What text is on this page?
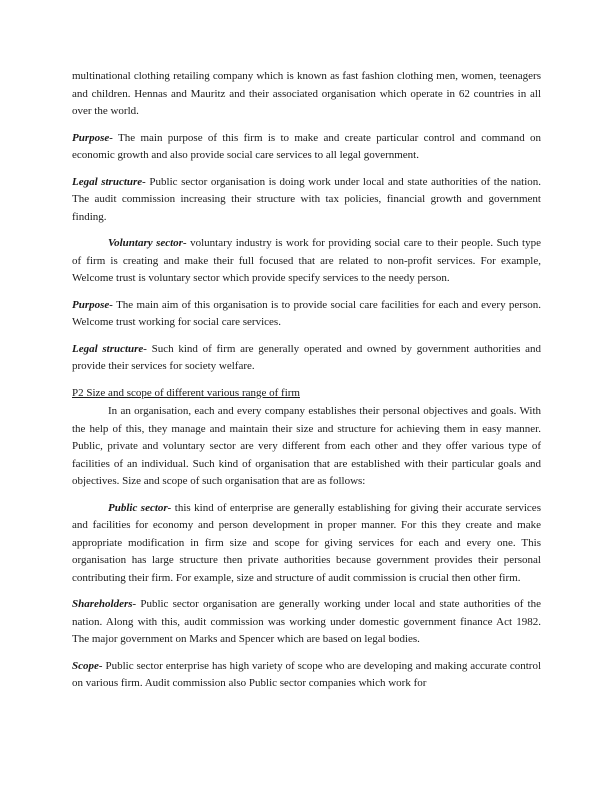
multinational clothing retailing company which is known as fast fashion clothing men, women, teenagers and children. Hennas and Mauritz and their associated organisation which operate in 62 countries in all over the world.

Purpose- The main purpose of this firm is to make and create particular control and command on economic growth and also provide social care services to all legal government.

Legal structure- Public sector organisation is doing work under local and state authorities of the nation. The audit commission increasing their structure with tax policies, financial growth and government finding.

Voluntary sector- voluntary industry is work for providing social care to their people. Such type of firm is creating and make their full focused that are related to non-profit services. For example, Welcome trust is voluntary sector which provide specify services to the needy person.

Purpose- The main aim of this organisation is to provide social care facilities for each and every person. Welcome trust working for social care services.

Legal structure- Such kind of firm are generally operated and owned by government authorities and provide their services for society welfare.

P2 Size and scope of different various range of firm

In an organisation, each and every company establishes their personal objectives and goals. With the help of this, they manage and maintain their size and structure for achieving them in easy manner. Public, private and voluntary sector are very different from each other and they offer various type of facilities of an individual. Such kind of organisation that are established with their particular goals and objectives. Size and scope of such organisation that are as follows:

Public sector- this kind of enterprise are generally establishing for giving their accurate services and facilities for economy and person development in proper manner. For this they create and make appropriate modification in firm size and scope for giving services for each and every one. This organisation has large structure then private authorities because government provides their personal contributing their firm. For example, size and structure of audit commission is crucial then other firm.

Shareholders- Public sector organisation are generally working under local and state authorities of the nation. Along with this, audit commission was working under domestic government finance Act 1982. The major government on Marks and Spencer which are based on legal bodies.

Scope- Public sector enterprise has high variety of scope who are developing and making accurate control on various firm. Audit commission also Public sector companies which work for
